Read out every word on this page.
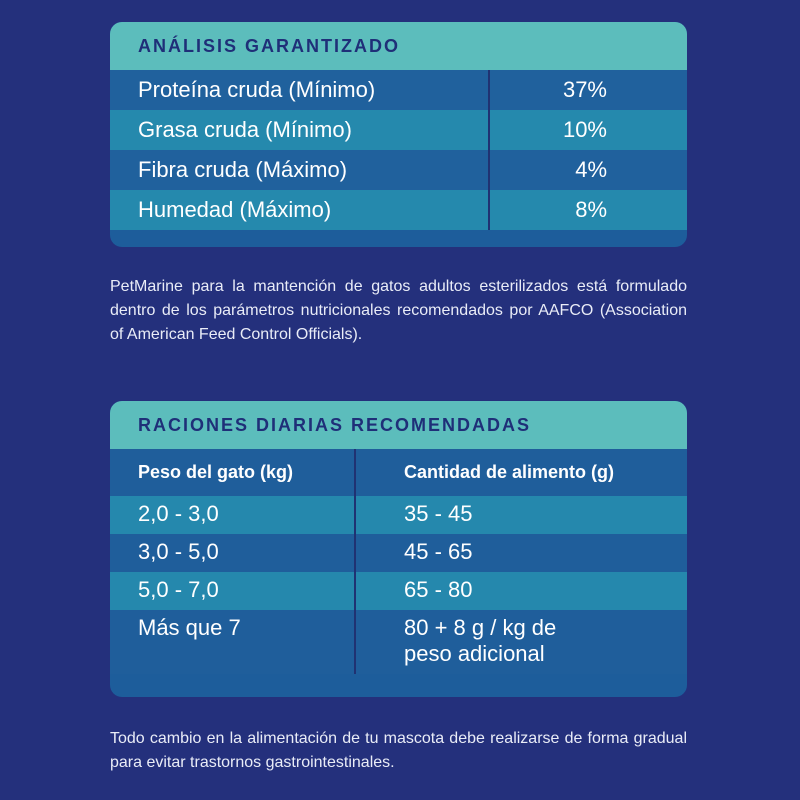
ANÁLISIS GARANTIZADO
Proteína cruda (Mínimo)	37%
Grasa cruda (Mínimo)	10%
Fibra cruda (Máximo)	4%
Humedad (Máximo)	8%

PetMarine para la mantención de gatos adultos esterilizados está formulado dentro de los parámetros nutricionales recomendados por AAFCO (Association of American Feed Control Officials).

RACIONES DIARIAS RECOMENDADAS
Peso del gato (kg)	Cantidad de alimento (g)
2,0 - 3,0	35 - 45
3,0 - 5,0	45 - 65
5,0 - 7,0	65 - 80
Más que 7	80 + 8 g / kg de peso adicional

Todo cambio en la alimentación de tu mascota debe realizarse de forma gradual para evitar trastornos gastrointestinales.
